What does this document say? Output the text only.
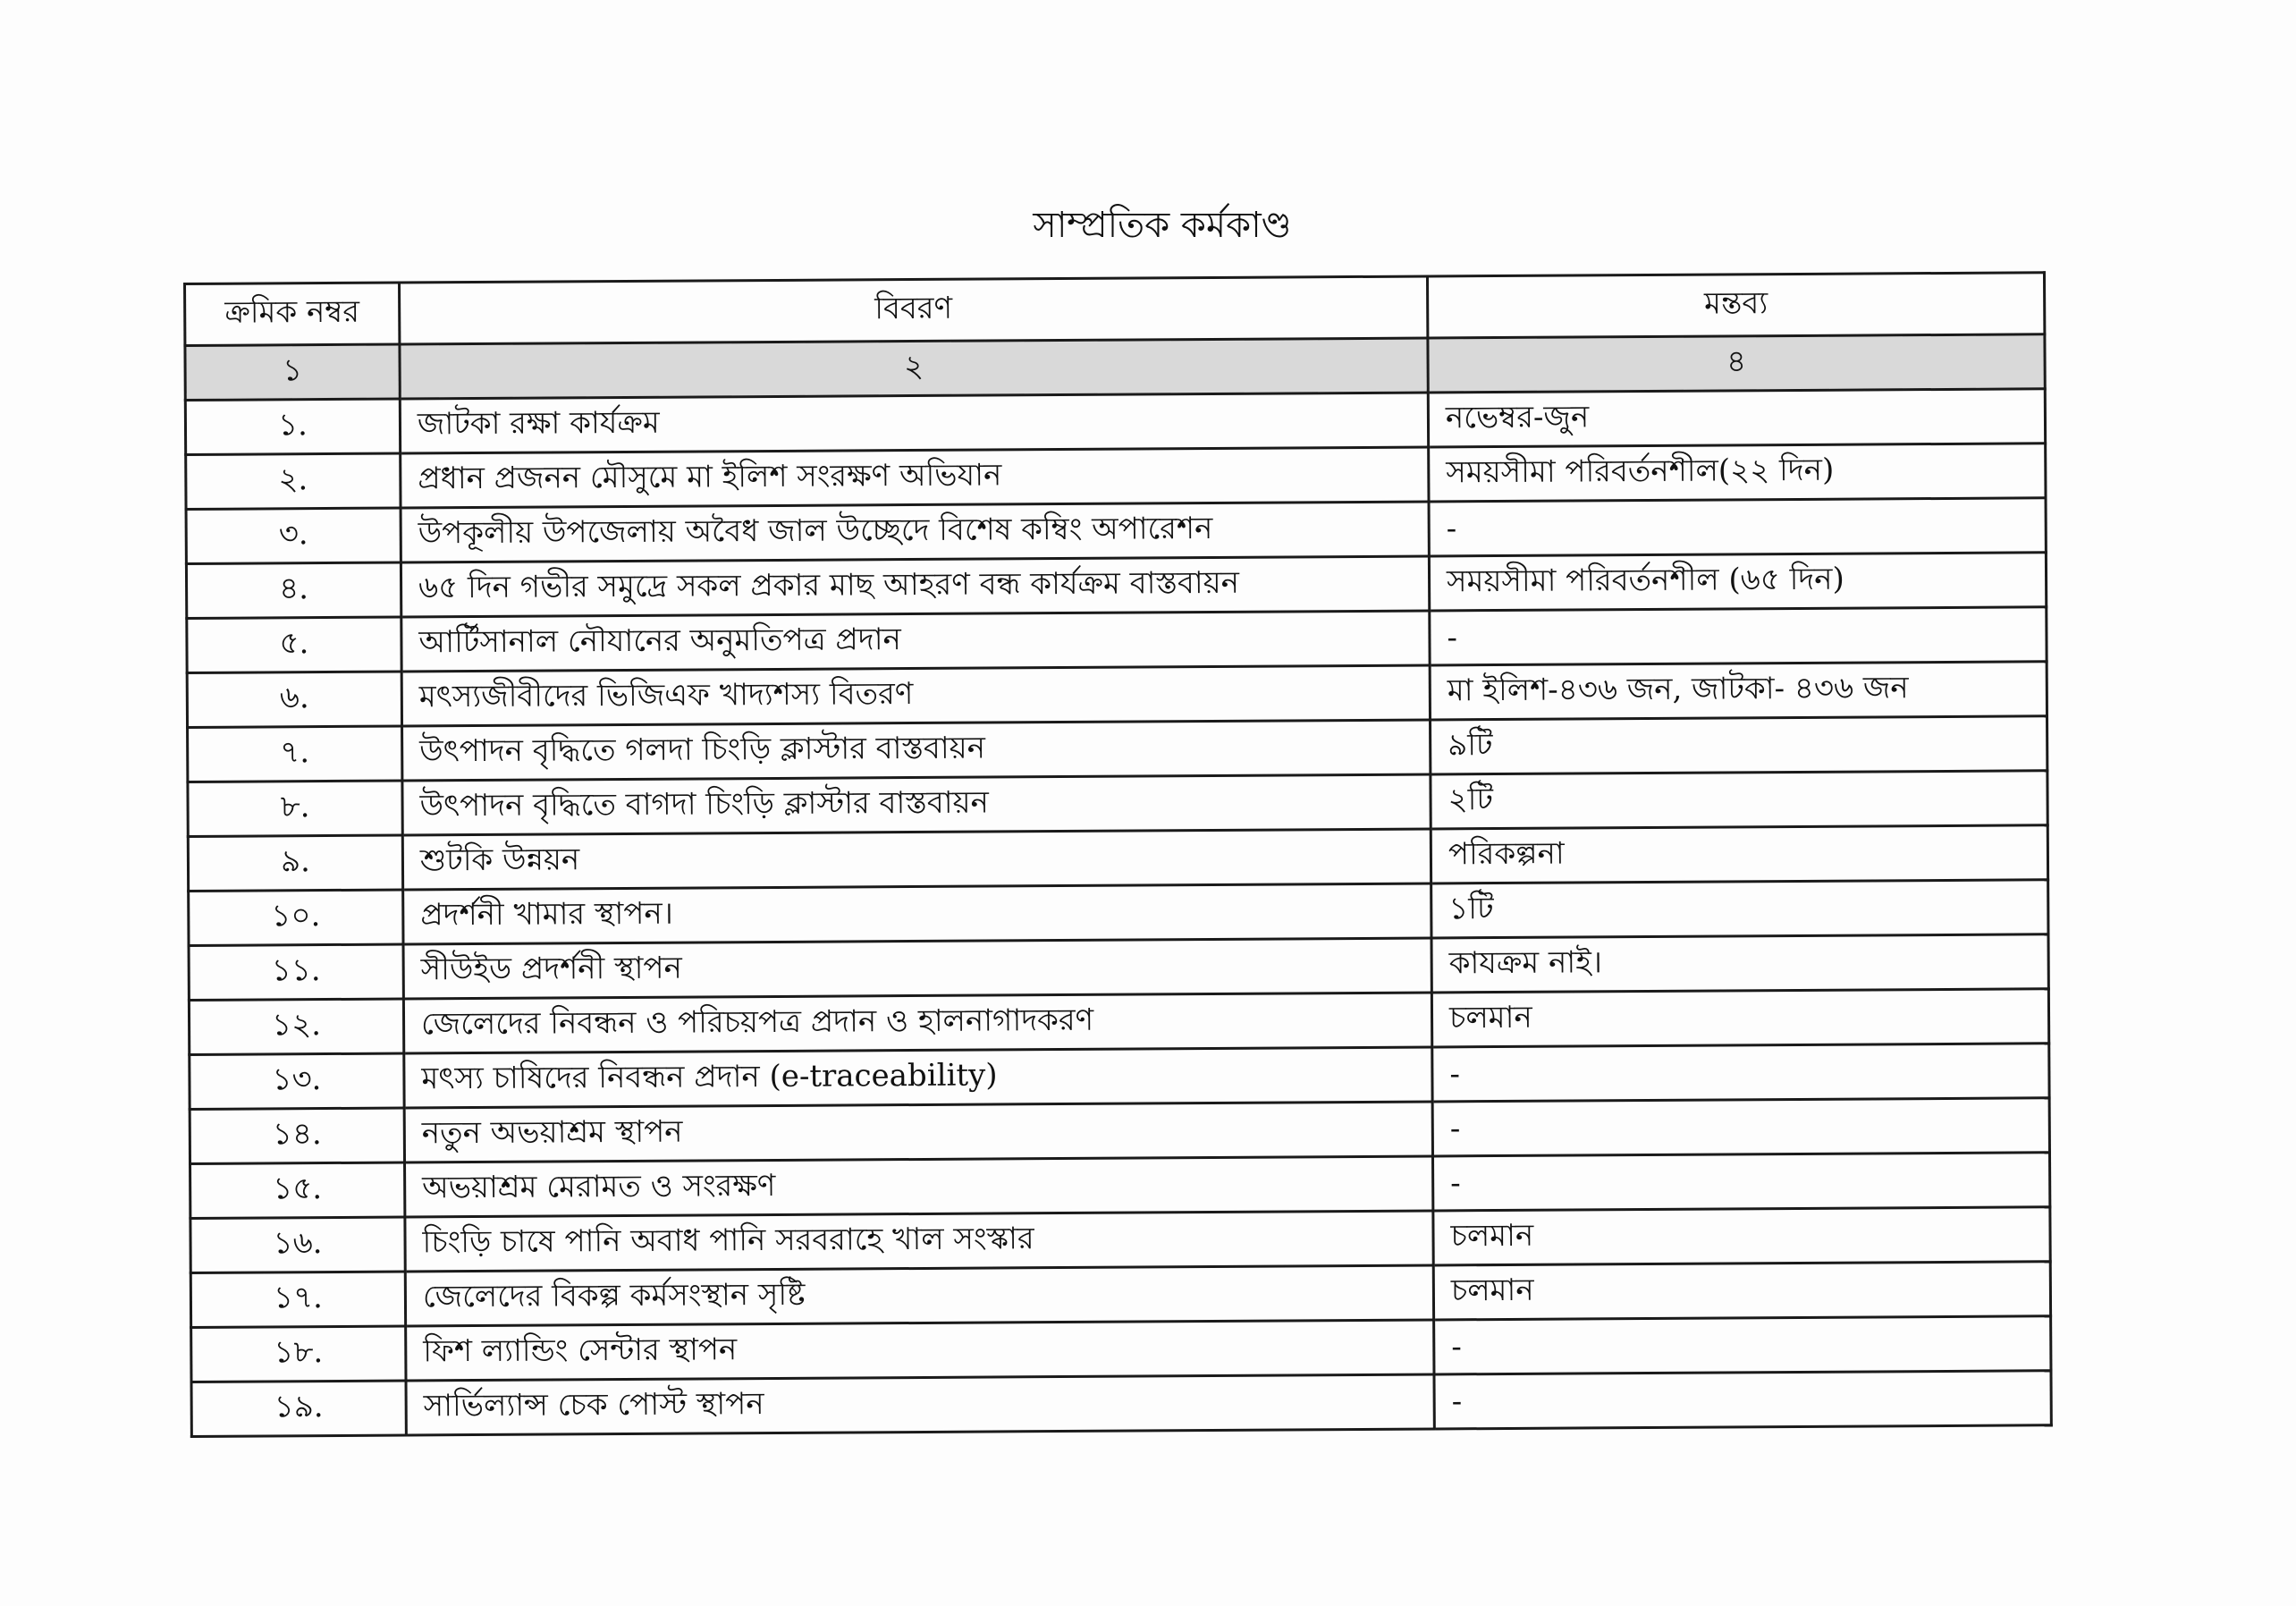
সাম্প্রতিক কর্মকাণ্ড
ক্রমিক নম্বর	বিবরণ	মন্তব্য
১	২	৪
১.	জাটকা রক্ষা কার্যক্রম	নভেম্বর-জুন
২.	প্রধান প্রজনন মৌসুমে মা ইলিশ সংরক্ষণ অভিযান	সময়সীমা পরিবর্তনশীল(২২ দিন)
৩.	উপকূলীয় উপজেলায় অবৈধ জাল উচ্ছেদে বিশেষ কম্বিং অপারেশন	-
৪.	৬৫ দিন গভীর সমুদ্রে সকল প্রকার মাছ আহরণ বন্ধ কার্যক্রম বাস্তবায়ন	সময়সীমা পরিবর্তনশীল (৬৫ দিন)
৫.	আর্টিসানাল নৌযানের অনুমতিপত্র প্রদান	-
৬.	মৎস্যজীবীদের ভিজিএফ খাদ্যশস্য বিতরণ	মা ইলিশ-৪৩৬ জন, জাটকা- ৪৩৬ জন
৭.	উৎপাদন বৃদ্ধিতে গলদা চিংড়ি ক্লাস্টার বাস্তবায়ন	৯টি
৮.	উৎপাদন বৃদ্ধিতে বাগদা চিংড়ি ক্লাস্টার বাস্তবায়ন	২টি
৯.	শুটকি উন্নয়ন	পরিকল্পনা
১০.	প্রদর্শনী খামার স্থাপন।	১টি
১১.	সীউইড প্রদর্শনী স্থাপন	কাযক্রম নাই।
১২.	জেলেদের নিবন্ধন ও পরিচয়পত্র প্রদান ও হালনাগাদকরণ	চলমান
১৩.	মৎস্য চাষিদের নিবন্ধন প্রদান (e-traceability)	-
১৪.	নতুন অভয়াশ্রম স্থাপন	-
১৫.	অভয়াশ্রম মেরামত ও সংরক্ষণ	-
১৬.	চিংড়ি চাষে পানি অবাধ পানি সরবরাহে খাল সংস্কার	চলমান
১৭.	জেলেদের বিকল্প কর্মসংস্থান সৃষ্টি	চলমান
১৮.	ফিশ ল্যান্ডিং সেন্টার স্থাপন	-
১৯.	সার্ভিল্যান্স চেক পোস্ট স্থাপন	-
